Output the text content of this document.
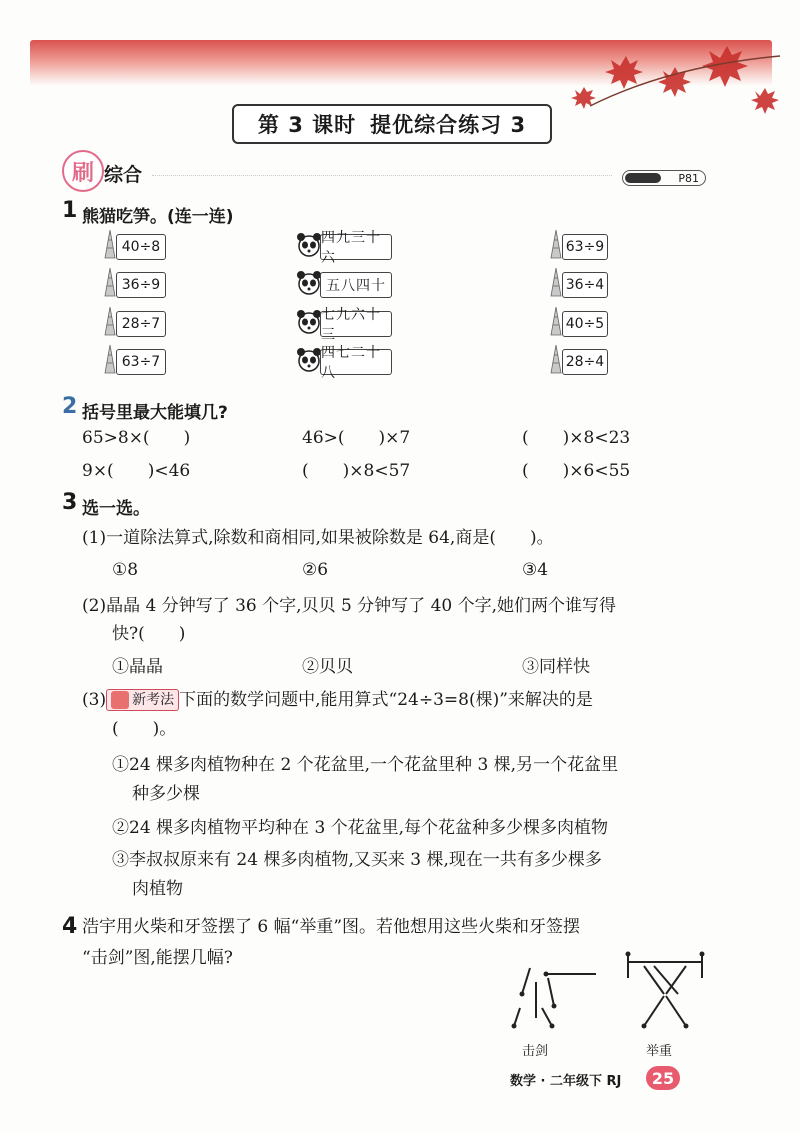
第 3 课时 提优综合练习 3
刷 综合	P81
1 熊猫吃笋。(连一连)
40÷8
36÷9
28÷7
63÷7
四九三十六
五八四十
七九六十三
四七二十八
63÷9
36÷4
40÷5
28÷4
2 括号里最大能填几?
65>8×(　　)	46>(　　)×7	(　　)×8<23
9×(　　)<46	(　　)×8<57	(　　)×6<55
3 选一选。
(1)一道除法算式,除数和商相同,如果被除数是 64,商是(　　)。
①8	②6	③4
(2)晶晶 4 分钟写了 36 个字,贝贝 5 分钟写了 40 个字,她们两个谁写得
快?(　　)
①晶晶	②贝贝	③同样快
(3)	新考法 下面的数学问题中,能用算式“24÷3=8(棵)”来解决的是
(　　)。
①24 棵多肉植物种在 2 个花盆里,一个花盆里种 3 棵,另一个花盆里
种多少棵
②24 棵多肉植物平均种在 3 个花盆里,每个花盆种多少棵多肉植物
③李叔叔原来有 24 棵多肉植物,又买来 3 棵,现在一共有多少棵多
肉植物
4 浩宇用火柴和牙签摆了 6 幅“举重”图。若他想用这些火柴和牙签摆
“击剑”图,能摆几幅?
击剑	举重
数学 · 二年级下 RJ	25
